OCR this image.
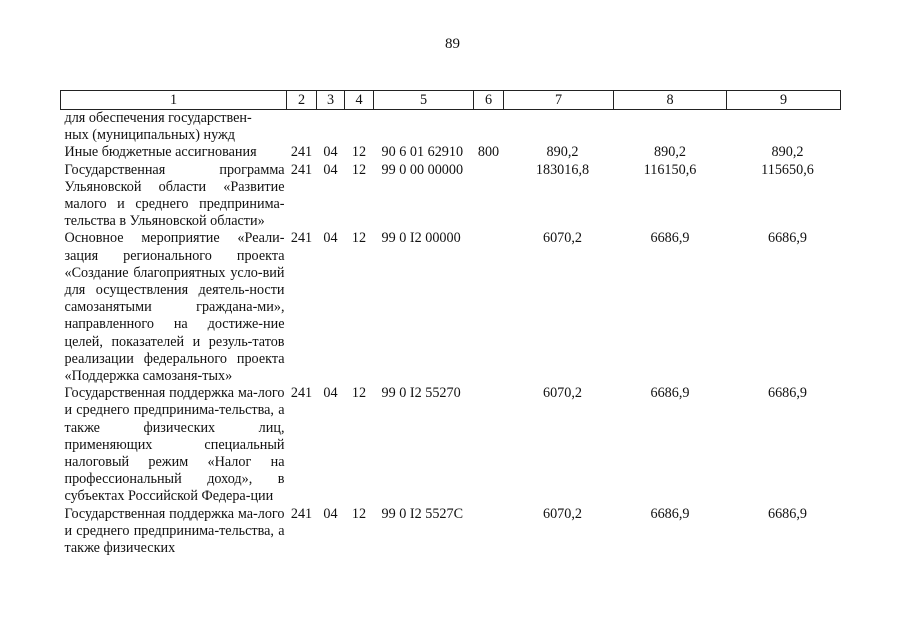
89
1	2	3	4	5	6	7	8	9
для обеспечения государствен-
ных (муниципальных) нужд								
Иные бюджетные ассигнования	241	04	12	90 6 01 62910	800	890,2	890,2	890,2
Государственная программа Ульяновской области «Развитие малого и среднего предпринима-тельства в Ульяновской области»	241	04	12	99 0 00 00000		183016,8	116150,6	115650,6
Основное мероприятие «Реали-зация регионального проекта «Создание благоприятных усло-вий для осуществления деятель-ности самозанятыми граждана-ми», направленного на достиже-ние целей, показателей и резуль-татов реализации федерального проекта «Поддержка самозаня-тых»	241	04	12	99 0 I2 00000		6070,2	6686,9	6686,9
Государственная поддержка ма-лого и среднего предпринима-тельства, а также физических лиц, применяющих специальный налоговый режим «Налог на профессиональный доход», в субъектах Российской Федера-ции	241	04	12	99 0 I2 55270		6070,2	6686,9	6686,9
Государственная поддержка ма-лого и среднего предпринима-тельства, а также физических	241	04	12	99 0 I2 5527С		6070,2	6686,9	6686,9
